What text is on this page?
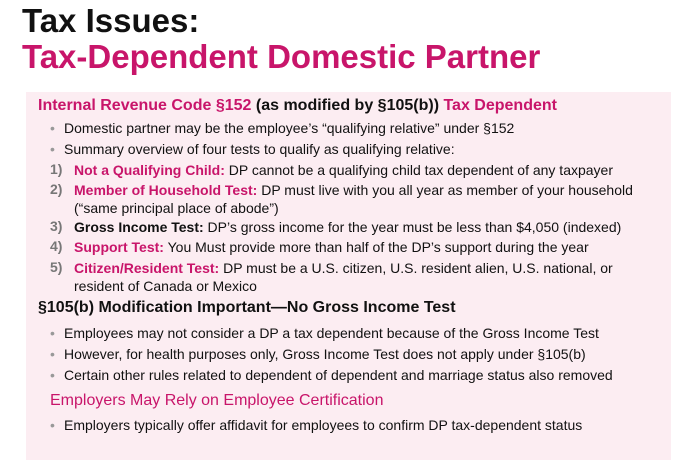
Tax Issues:
Tax-Dependent Domestic Partner
Internal Revenue Code §152 (as modified by §105(b)) Tax Dependent
• Domestic partner may be the employee’s “qualifying relative” under §152
• Summary overview of four tests to qualify as qualifying relative:
1) Not a Qualifying Child: DP cannot be a qualifying child tax dependent of any taxpayer
2) Member of Household Test: DP must live with you all year as member of your household (“same principal place of abode”)
3) Gross Income Test: DP’s gross income for the year must be less than $4,050 (indexed)
4) Support Test: You Must provide more than half of the DP’s support during the year
5) Citizen/Resident Test: DP must be a U.S. citizen, U.S. resident alien, U.S. national, or resident of Canada or Mexico
§105(b) Modification Important—No Gross Income Test
• Employees may not consider a DP a tax dependent because of the Gross Income Test
• However, for health purposes only, Gross Income Test does not apply under §105(b)
• Certain other rules related to dependent of dependent and marriage status also removed
Employers May Rely on Employee Certification
• Employers typically offer affidavit for employees to confirm DP tax-dependent status
